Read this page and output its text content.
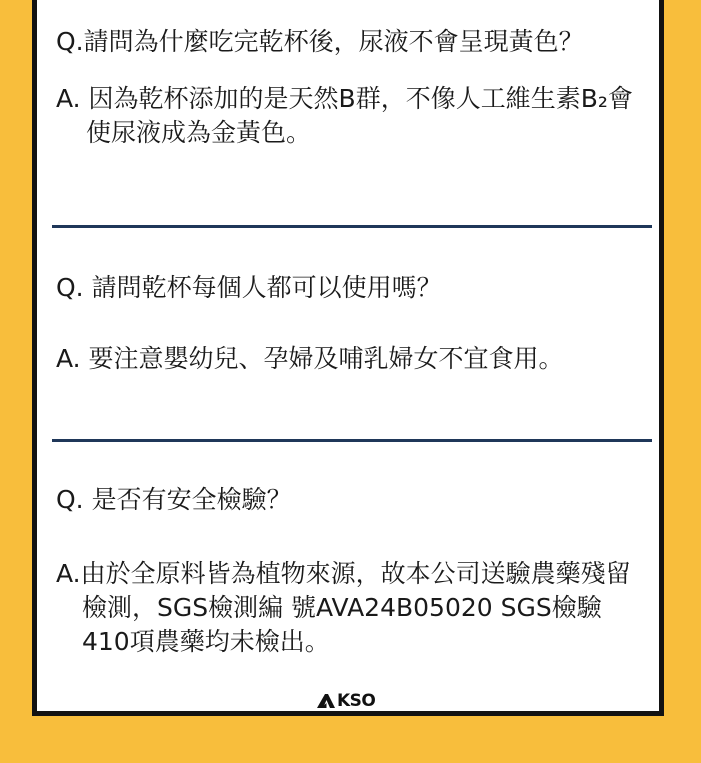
Q.請問為什麼吃完乾杯後，尿液不會呈現黃色？

A. 因為乾杯添加的是天然B群，不像人工維生素B₂會使尿液成為金黃色。

Q. 請問乾杯每個人都可以使用嗎？

A. 要注意嬰幼兒、孕婦及哺乳婦女不宜食用。

Q. 是否有安全檢驗？

A.由於全原料皆為植物來源，故本公司送驗農藥殘留檢測，SGS檢測編 號AVA24B05020 SGS檢驗410項農藥均未檢出。

KSO
